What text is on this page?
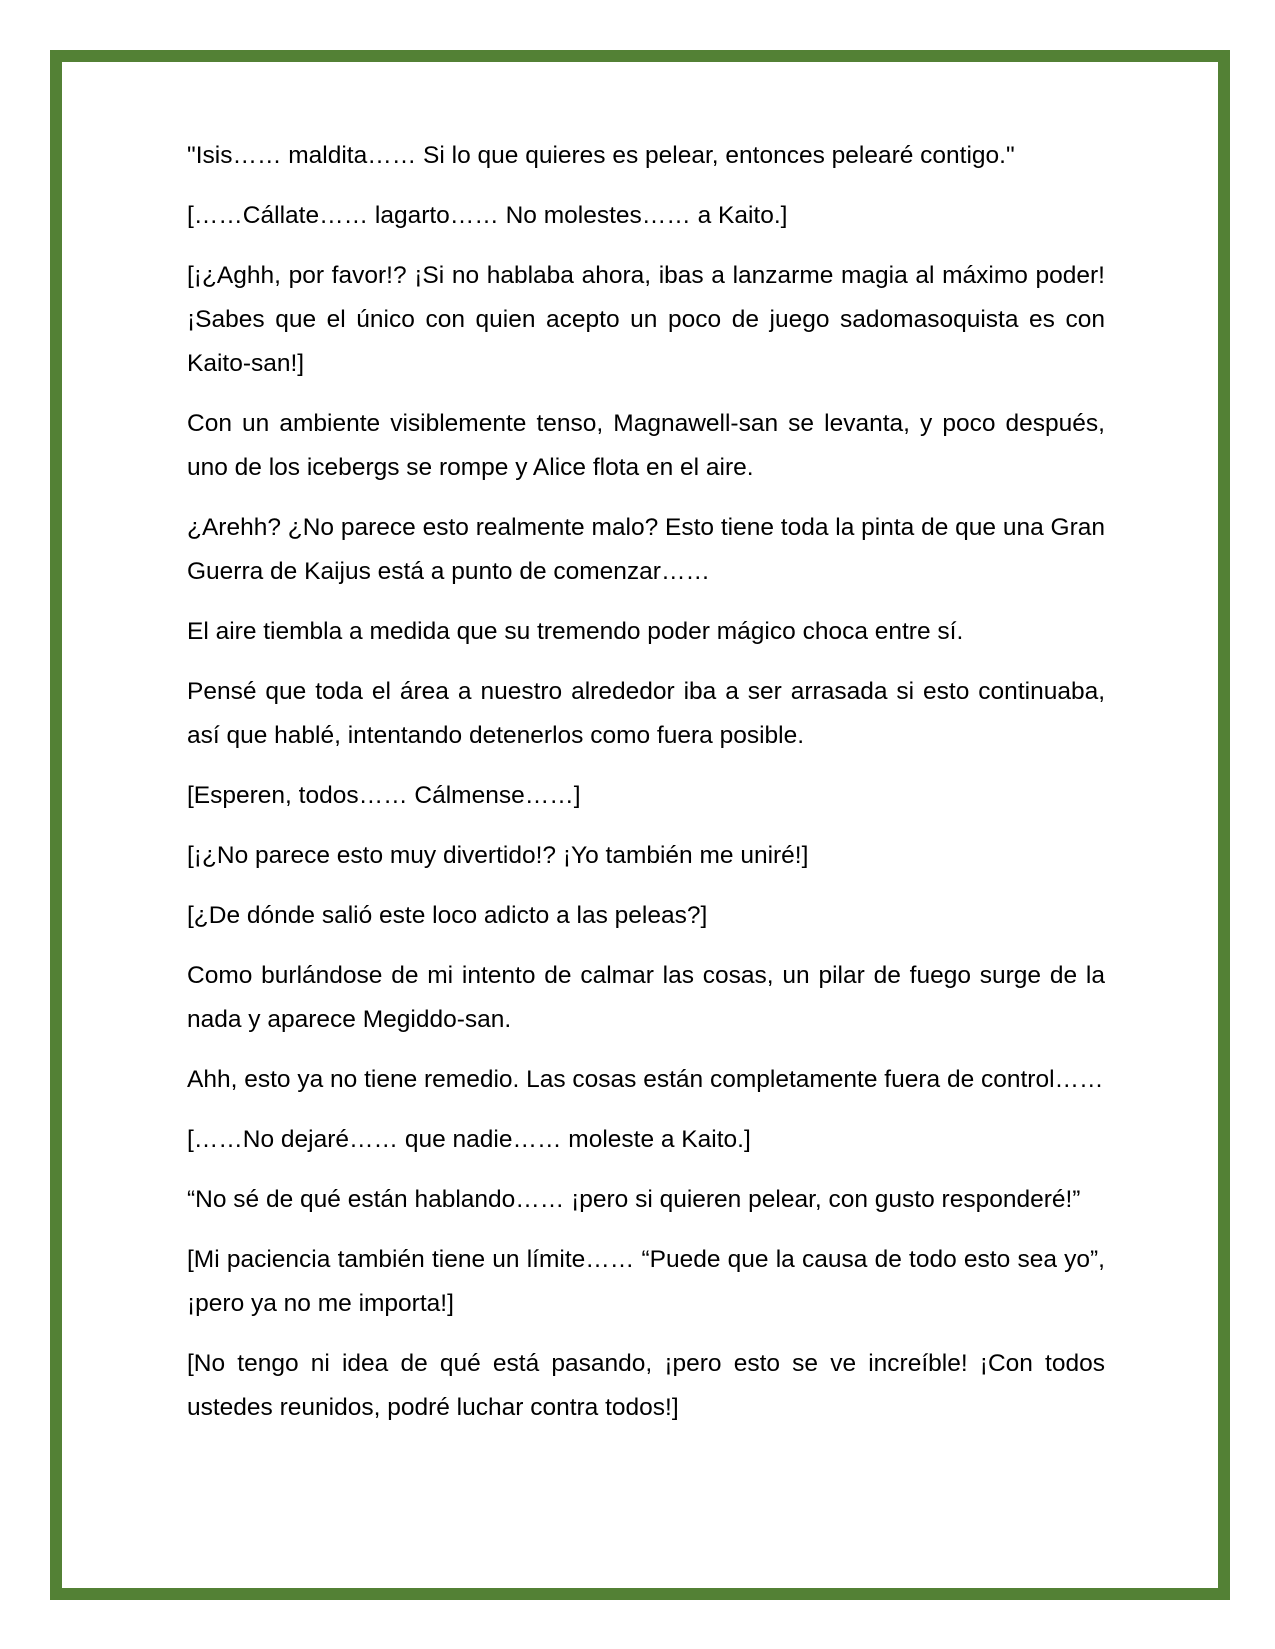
"Isis…… maldita…… Si lo que quieres es pelear, entonces pelearé contigo."

[……Cállate…… lagarto…… No molestes…… a Kaito.]

[¡¿Aghh, por favor!? ¡Si no hablaba ahora, ibas a lanzarme magia al máximo poder! ¡Sabes que el único con quien acepto un poco de juego sadomasoquista es con Kaito-san!]

Con un ambiente visiblemente tenso, Magnawell-san se levanta, y poco después, uno de los icebergs se rompe y Alice flota en el aire.

¿Arehh? ¿No parece esto realmente malo? Esto tiene toda la pinta de que una Gran Guerra de Kaijus está a punto de comenzar……

El aire tiembla a medida que su tremendo poder mágico choca entre sí.

Pensé que toda el área a nuestro alrededor iba a ser arrasada si esto continuaba, así que hablé, intentando detenerlos como fuera posible.

[Esperen, todos…… Cálmense……]

[¡¿No parece esto muy divertido!? ¡Yo también me uniré!]

[¿De dónde salió este loco adicto a las peleas?]

Como burlándose de mi intento de calmar las cosas, un pilar de fuego surge de la nada y aparece Megiddo-san.

Ahh, esto ya no tiene remedio. Las cosas están completamente fuera de control……

[……No dejaré…… que nadie…… moleste a Kaito.]

“No sé de qué están hablando…… ¡pero si quieren pelear, con gusto responderé!”

[Mi paciencia también tiene un límite…… “Puede que la causa de todo esto sea yo”, ¡pero ya no me importa!]

[No tengo ni idea de qué está pasando, ¡pero esto se ve increíble! ¡Con todos ustedes reunidos, podré luchar contra todos!]
